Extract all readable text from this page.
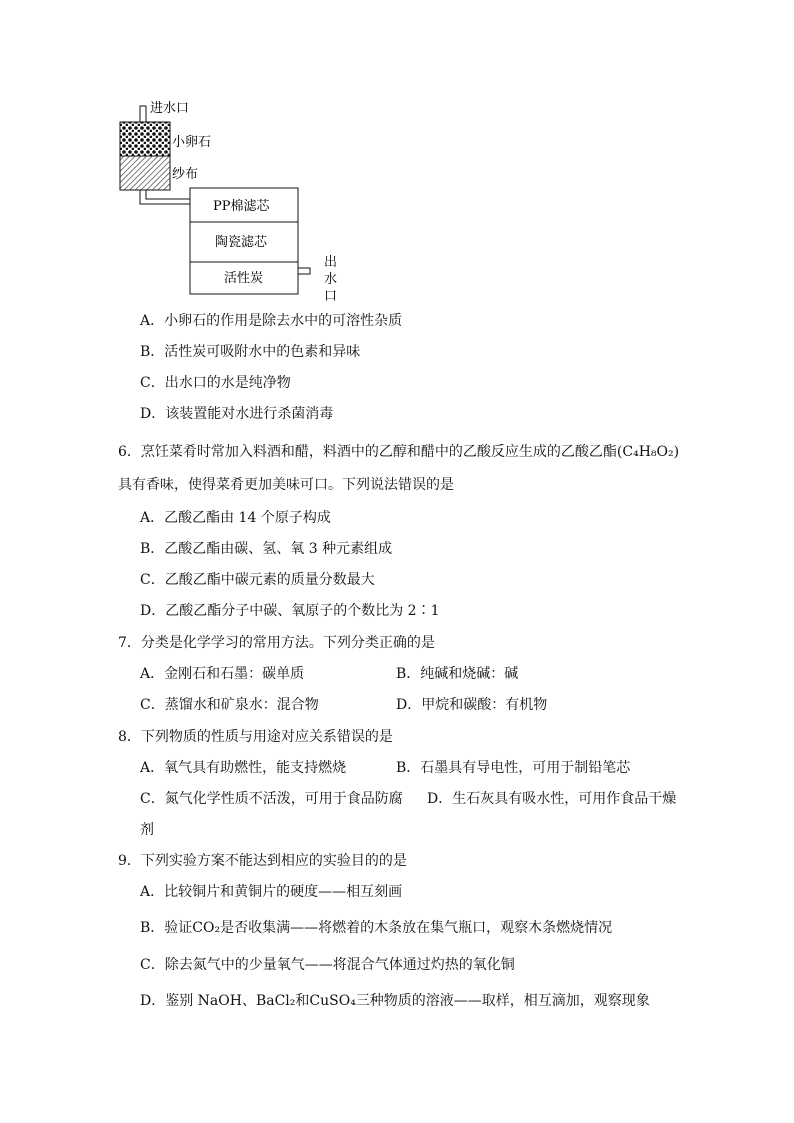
进水口
小卵石
纱布
PP棉滤芯
陶瓷滤芯
活性炭
出
水
口
A．小卵石的作用是除去水中的可溶性杂质
B．活性炭可吸附水中的色素和异味
C．出水口的水是纯净物
D．该装置能对水进行杀菌消毒
6．烹饪菜肴时常加入料酒和醋，料酒中的乙醇和醋中的乙酸反应生成的乙酸乙酯(C₄H₈O₂)
具有香味，使得菜肴更加美味可口。下列说法错误的是
A．乙酸乙酯由 14 个原子构成
B．乙酸乙酯由碳、氢、氧 3 种元素组成
C．乙酸乙酯中碳元素的质量分数最大
D．乙酸乙酯分子中碳、氧原子的个数比为 2∶1
7．分类是化学学习的常用方法。下列分类正确的是
A．金刚石和石墨：碳单质	B．纯碱和烧碱：碱
C．蒸馏水和矿泉水：混合物	D．甲烷和碳酸：有机物
8．下列物质的性质与用途对应关系错误的是
A．氧气具有助燃性，能支持燃烧	B．石墨具有导电性，可用于制铅笔芯
C．氮气化学性质不活泼，可用于食品防腐	D．生石灰具有吸水性，可用作食品干燥
剂
9．下列实验方案不能达到相应的实验目的的是
A．比较铜片和黄铜片的硬度——相互刻画
B．验证CO₂是否收集满——将燃着的木条放在集气瓶口，观察木条燃烧情况
C．除去氮气中的少量氧气——将混合气体通过灼热的氧化铜
D．鉴别 NaOH、BaCl₂和CuSO₄三种物质的溶液——取样，相互滴加，观察现象
